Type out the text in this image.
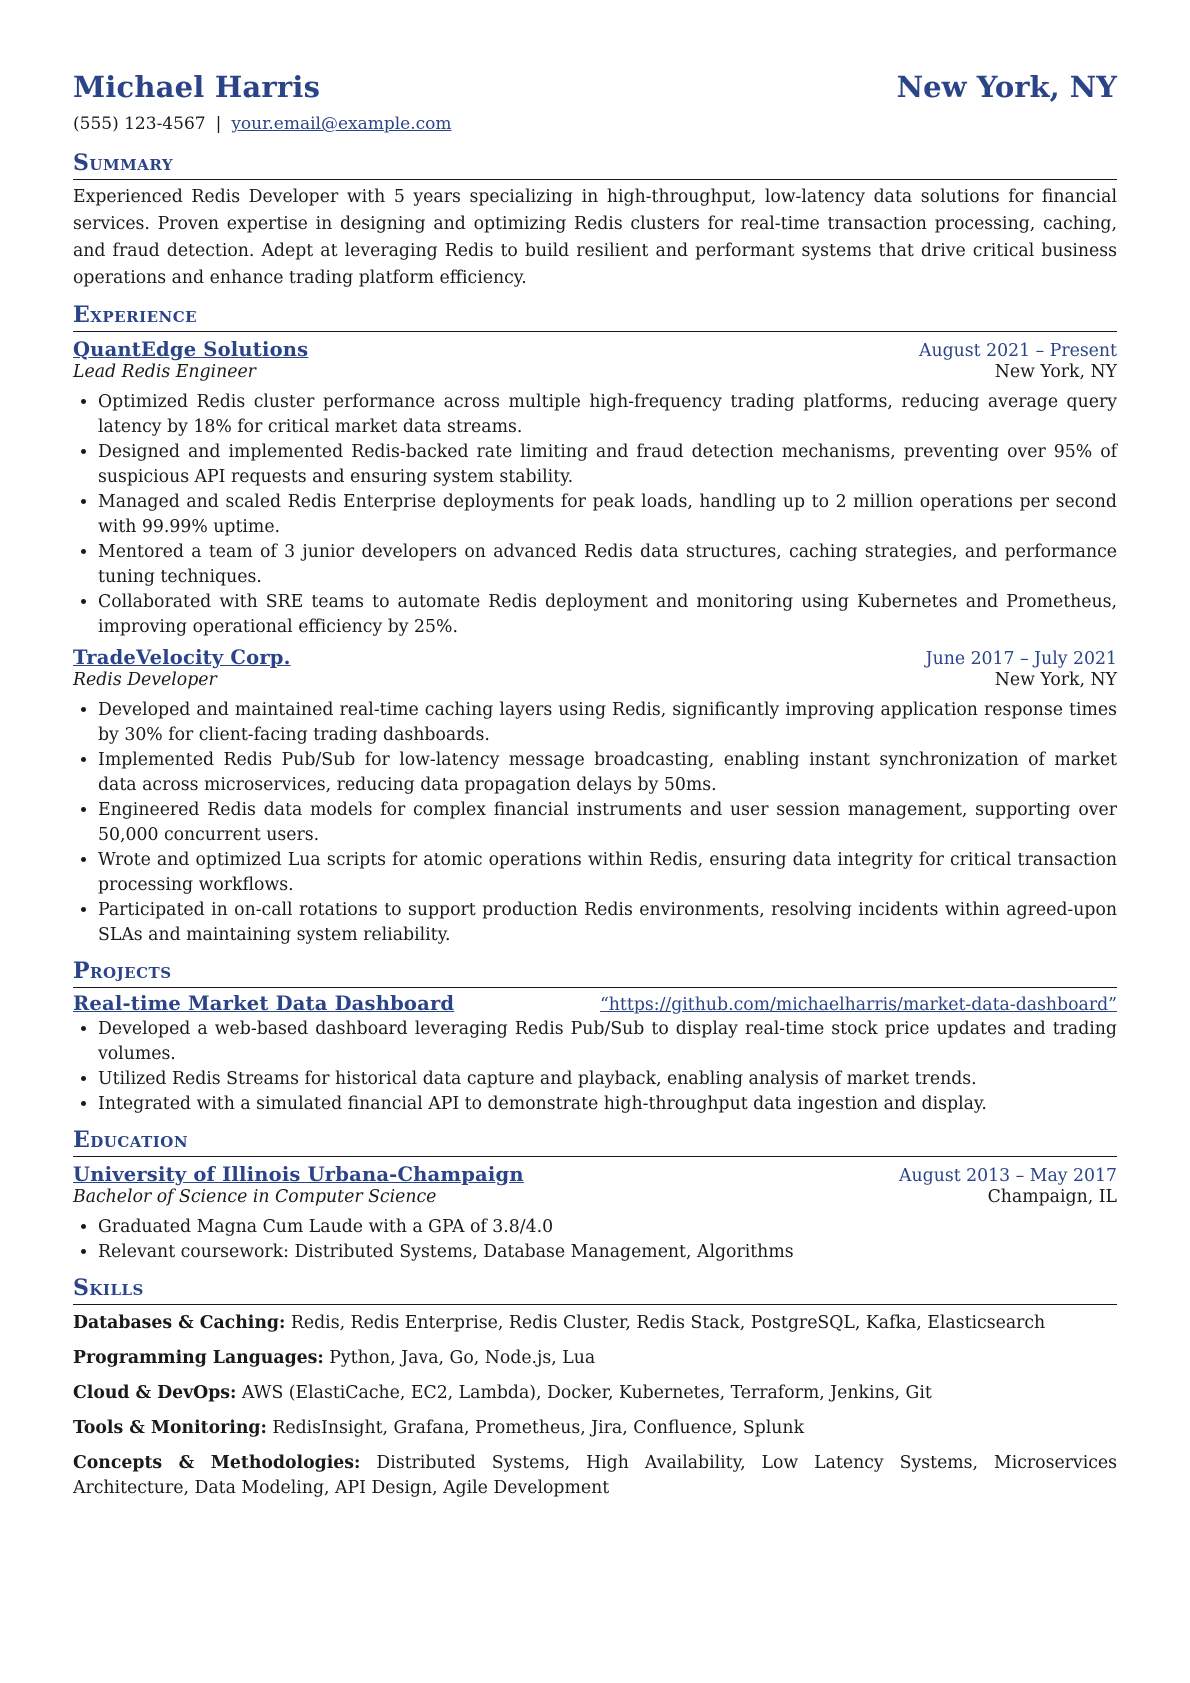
Michael Harris	New York, NY
(555) 123-4567 | your.email@example.com
Summary
Experienced Redis Developer with 5 years specializing in high-throughput, low-latency data solutions for financial services. Proven expertise in designing and optimizing Redis clusters for real-time transaction processing, caching, and fraud detection. Adept at leveraging Redis to build resilient and performant systems that drive critical business operations and enhance trading platform efficiency.
Experience
QuantEdge Solutions	August 2021 – Present
Lead Redis Engineer	New York, NY
• Optimized Redis cluster performance across multiple high-frequency trading platforms, reducing average query latency by 18% for critical market data streams.
• Designed and implemented Redis-backed rate limiting and fraud detection mechanisms, preventing over 95% of suspicious API requests and ensuring system stability.
• Managed and scaled Redis Enterprise deployments for peak loads, handling up to 2 million operations per second with 99.99% uptime.
• Mentored a team of 3 junior developers on advanced Redis data structures, caching strategies, and performance tuning techniques.
• Collaborated with SRE teams to automate Redis deployment and monitoring using Kubernetes and Prometheus, improving operational efficiency by 25%.
TradeVelocity Corp.	June 2017 – July 2021
Redis Developer	New York, NY
• Developed and maintained real-time caching layers using Redis, significantly improving application response times by 30% for client-facing trading dashboards.
• Implemented Redis Pub/Sub for low-latency message broadcasting, enabling instant synchronization of market data across microservices, reducing data propagation delays by 50ms.
• Engineered Redis data models for complex financial instruments and user session management, supporting over 50,000 concurrent users.
• Wrote and optimized Lua scripts for atomic operations within Redis, ensuring data integrity for critical transaction processing workflows.
• Participated in on-call rotations to support production Redis environments, resolving incidents within agreed-upon SLAs and maintaining system reliability.
Projects
Real-time Market Data Dashboard	“https://github.com/michaelharris/market-data-dashboard”
• Developed a web-based dashboard leveraging Redis Pub/Sub to display real-time stock price updates and trading volumes.
• Utilized Redis Streams for historical data capture and playback, enabling analysis of market trends.
• Integrated with a simulated financial API to demonstrate high-throughput data ingestion and display.
Education
University of Illinois Urbana-Champaign	August 2013 – May 2017
Bachelor of Science in Computer Science	Champaign, IL
• Graduated Magna Cum Laude with a GPA of 3.8/4.0
• Relevant coursework: Distributed Systems, Database Management, Algorithms
Skills
Databases & Caching: Redis, Redis Enterprise, Redis Cluster, Redis Stack, PostgreSQL, Kafka, Elasticsearch
Programming Languages: Python, Java, Go, Node.js, Lua
Cloud & DevOps: AWS (ElastiCache, EC2, Lambda), Docker, Kubernetes, Terraform, Jenkins, Git
Tools & Monitoring: RedisInsight, Grafana, Prometheus, Jira, Confluence, Splunk
Concepts & Methodologies: Distributed Systems, High Availability, Low Latency Systems, Microservices Architecture, Data Modeling, API Design, Agile Development
